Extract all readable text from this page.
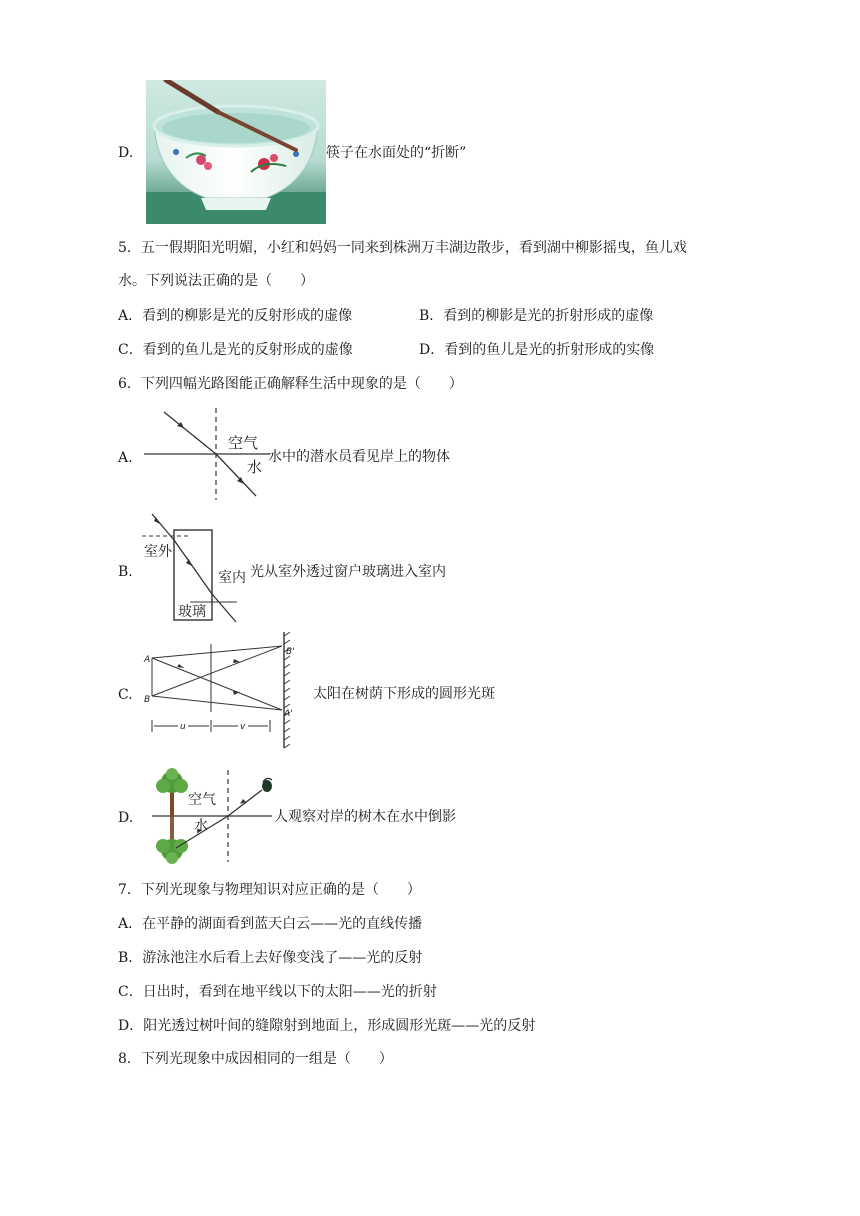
D.	筷子在水面处的“折断”
5．五一假期阳光明媚，小红和妈妈一同来到株洲万丰湖边散步，看到湖中柳影摇曳，鱼儿戏
水。下列说法正确的是（　　）
A．看到的柳影是光的反射形成的虚像	B．看到的柳影是光的折射形成的虚像
C．看到的鱼儿是光的反射形成的虚像	D．看到的鱼儿是光的折射形成的实像
6．下列四幅光路图能正确解释生活中现象的是（　　）
A.
空气
水
水中的潜水员看见岸上的物体
B.
室外
室内
玻璃
光从室外透过窗户玻璃进入室内
C.
A
B
B'
A'
u	v
太阳在树荫下形成的圆形光斑
D.
空气
水
人观察对岸的树木在水中倒影
7．下列光现象与物理知识对应正确的是（　　）
A．在平静的湖面看到蓝天白云——光的直线传播
B．游泳池注水后看上去好像变浅了——光的反射
C．日出时，看到在地平线以下的太阳——光的折射
D．阳光透过树叶间的缝隙射到地面上，形成圆形光斑——光的反射
8．下列光现象中成因相同的一组是（　　）
